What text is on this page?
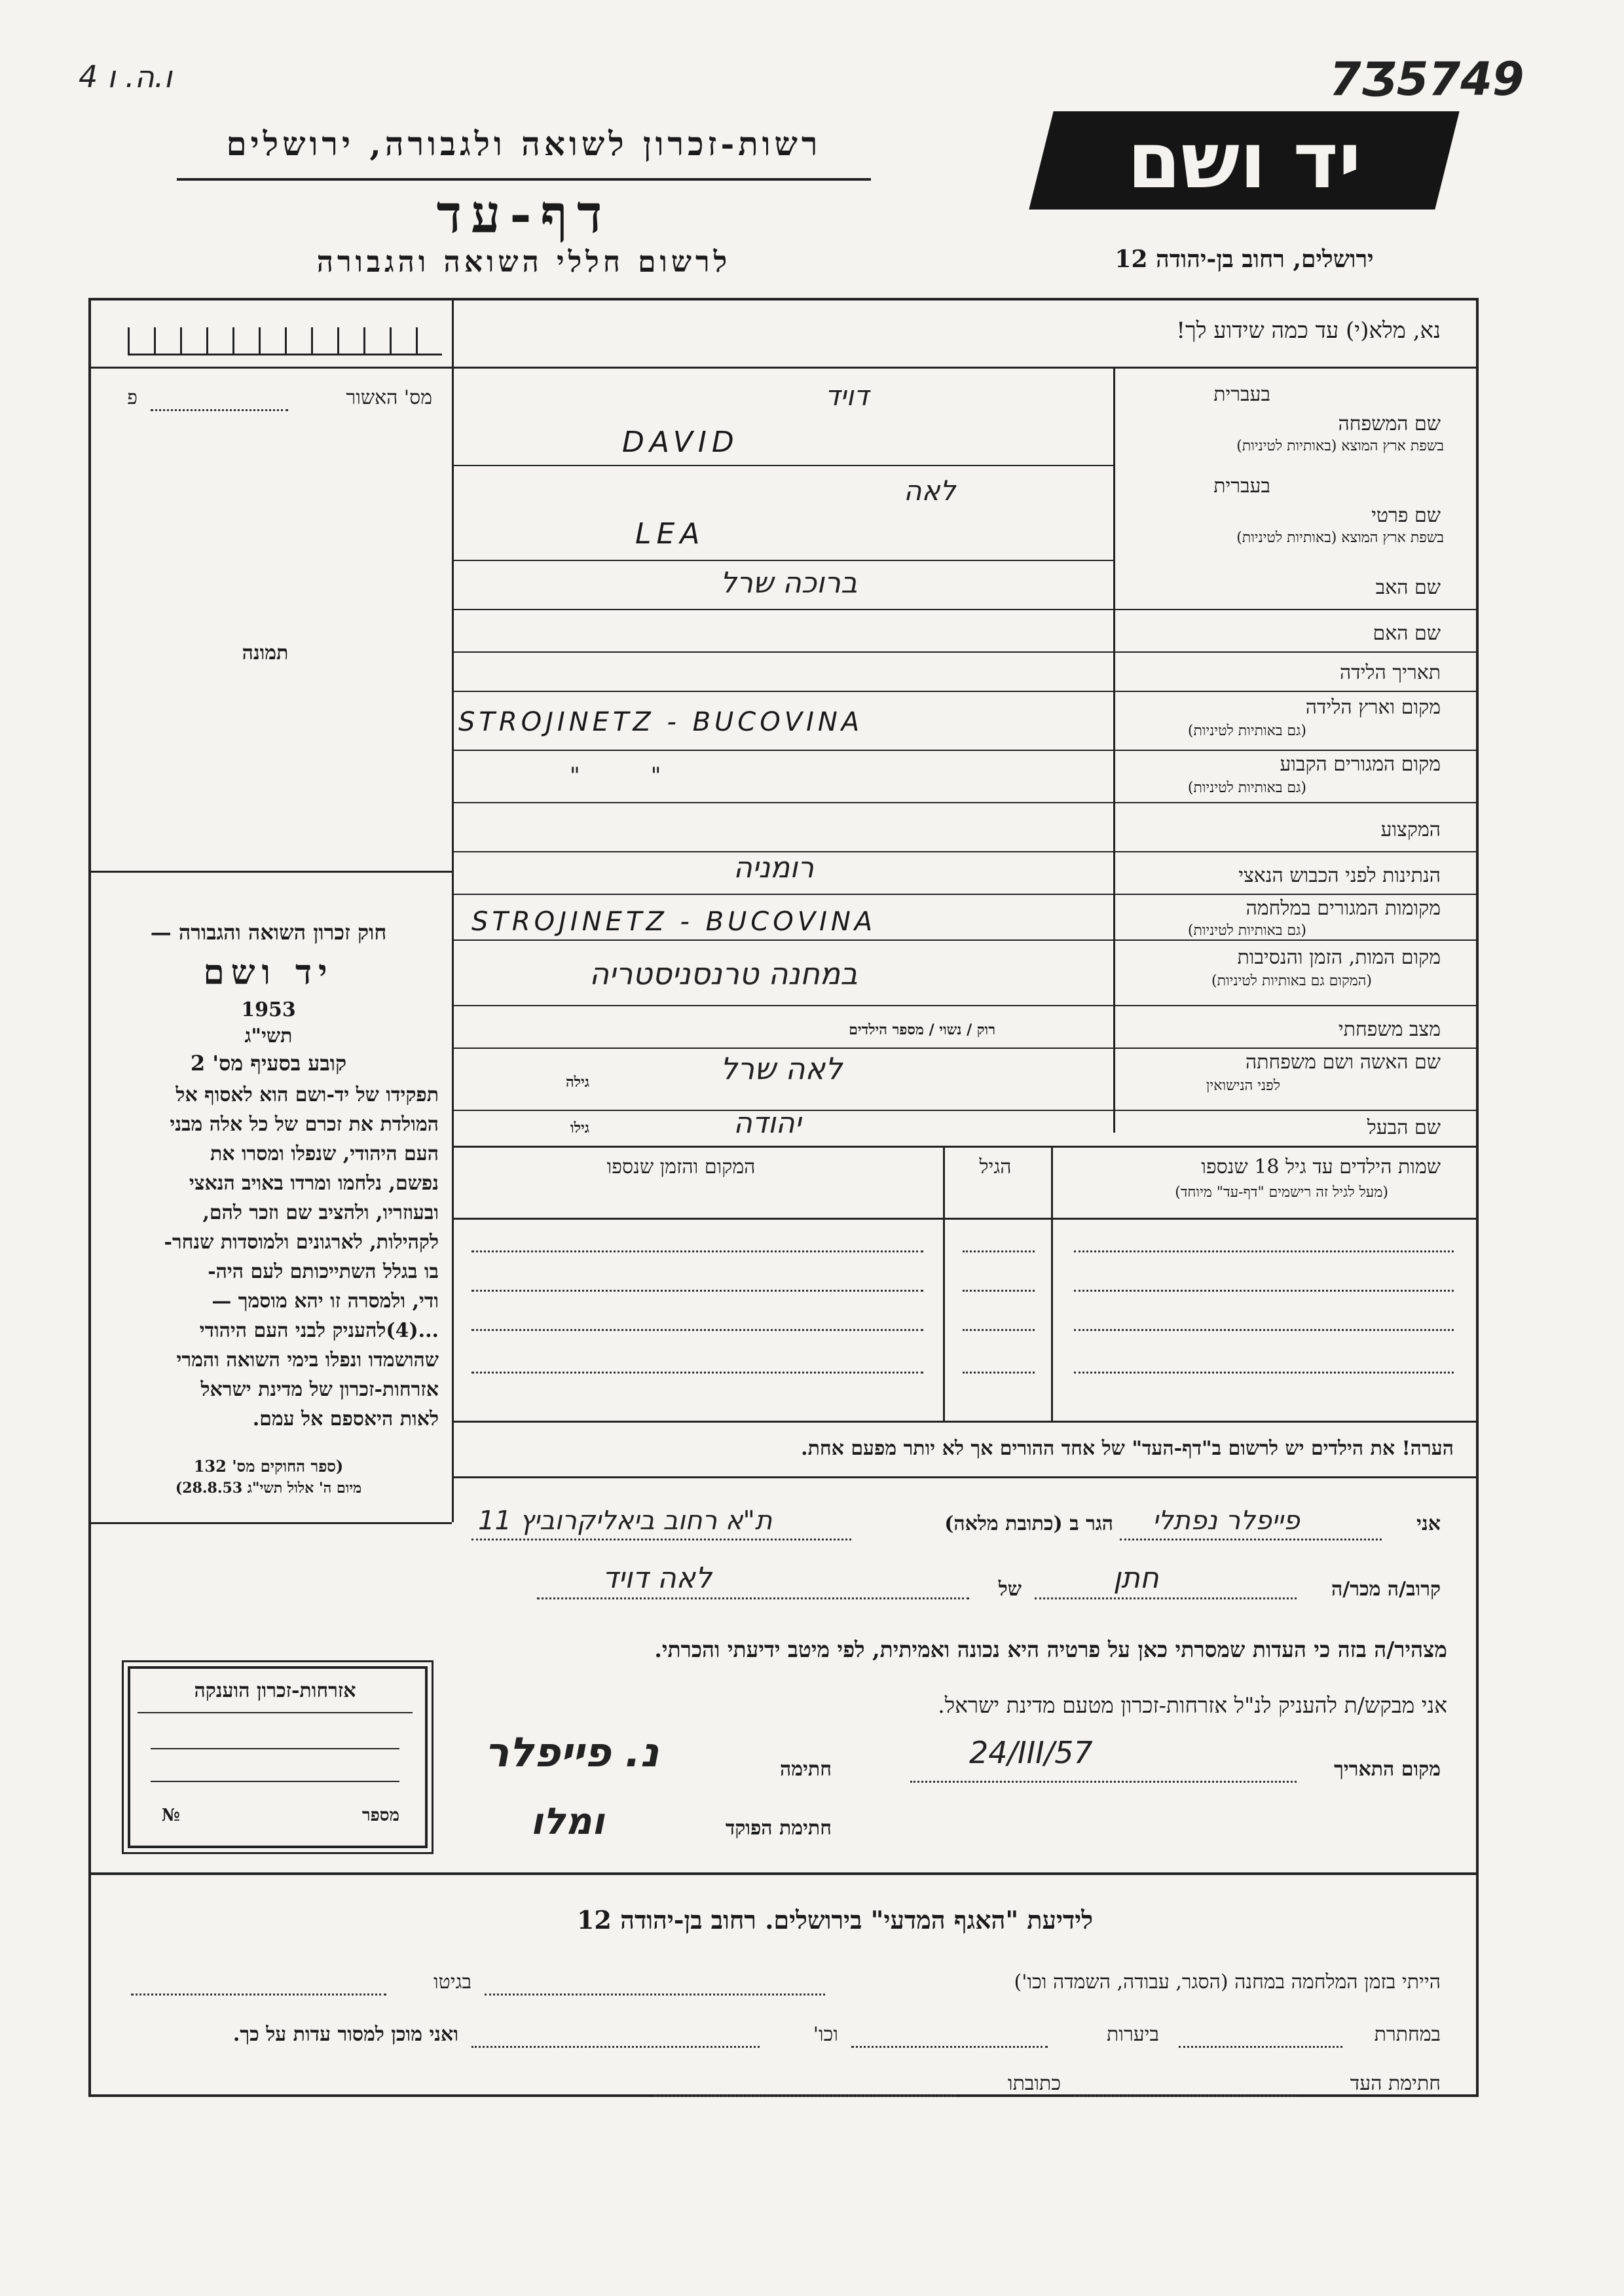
4 ו.ה. ו	7Ʒ5749
רשות-זכרון לשואה ולגבורה, ירושלים
דף-עד
לרשום חללי השואה והגבורה
יד ושם
ירושלים, רחוב בן-יהודה 12
נא, מלא(י) עד כמה שידוע לך!
מס' האשור
פ
תמונה
חוק זכרון השואה והגבורה —
יד ושם
1953
תשי"ג
קובע בסעיף מס' 2

תפקידו של יד-ושם הוא לאסוף אל

המולדת את זכרם של כל אלה מבני

העם היהודי, שנפלו ומסרו את

נפשם, נלחמו ומרדו באויב הנאצי

ובעוזריו, ולהציב שם וזכר להם,

לקהילות, לארגונים ולמוסדות שנחר-

בו בגלל השתייכותם לעם היה-

ודי, ולמסרה זו יהא מוסמך —

...(4)להעניק לבני העם היהודי

שהושמדו ונפלו בימי השואה והמרי

אזרחות-זכרון של מדינת ישראל

לאות היאספם אל עמם.

(ספר החוקים מס' 132
מיום ה' אלול תשי"ג 28.8.53)
בעברית
שם המשפחה
בשפת ארץ המוצא (באותיות לטיניות)
דויד
DAVID
בעברית
שם פרטי
בשפת ארץ המוצא (באותיות לטיניות)
לאה
LEA
שם האב
ברוכה שרל
שם האם
תאריך הלידה
מקום וארץ הלידה
(גם באותיות לטיניות)
STROJINETZ - BUCOVINA
מקום המגורים הקבוע
(גם באותיות לטיניות)
"          "
המקצוע
הנתינות לפני הכבוש הנאצי
רומניה
מקומות המגורים במלחמה
(גם באותיות לטיניות)
STROJINETZ - BUCOVINA
מקום המות, הזמן והנסיבות
(המקום גם באותיות לטיניות)
במחנה טרנסניסטריה
מצב משפחתי
רוק / נשוי / מספר הילדים
שם האשה ושם משפחתה
לפני הנישואין
לאה שרל
גילה
שם הבעל
יהודה
גילו
שמות הילדים עד גיל 18 שנספו
(מעל לגיל זה רישמים "דף-עד" מיוחד)
הגיל
המקום והזמן שנספו
הערה! את הילדים יש לרשום ב"דף-העד" של אחד ההורים אך לא יותר מפעם אחת.
אני
פייפלר נפתלי
הגר ב (כתובת מלאה)
ת"א רחוב ביאליקרוביץ 11
קרוב/ה מכר/ה
חתן
של
לאה דויד
מצהיר/ה בזה כי העדות שמסרתי כאן על פרטיה היא נכונה ואמיתית, לפי מיטב ידיעתי והכרתי.
אני מבקש/ת להעניק לנ"ל אזרחות-זכרון מטעם מדינת ישראל.
מקום התאריך
24/III/57
חתימה
נ. פייפלר
חתימת הפוקד
ומלו
אזרחות-זכרון הוענקה
מספר
№
לידיעת "האגף המדעי" בירושלים. רחוב בן-יהודה 12
הייתי בזמן המלחמה במחנה (הסגר, עבודה, השמדה וכו')
בגיטו
במחתרת
ביערות
וכו'
ואני מוכן למסור עדות על כך.
חתימת העד
כתובתו
